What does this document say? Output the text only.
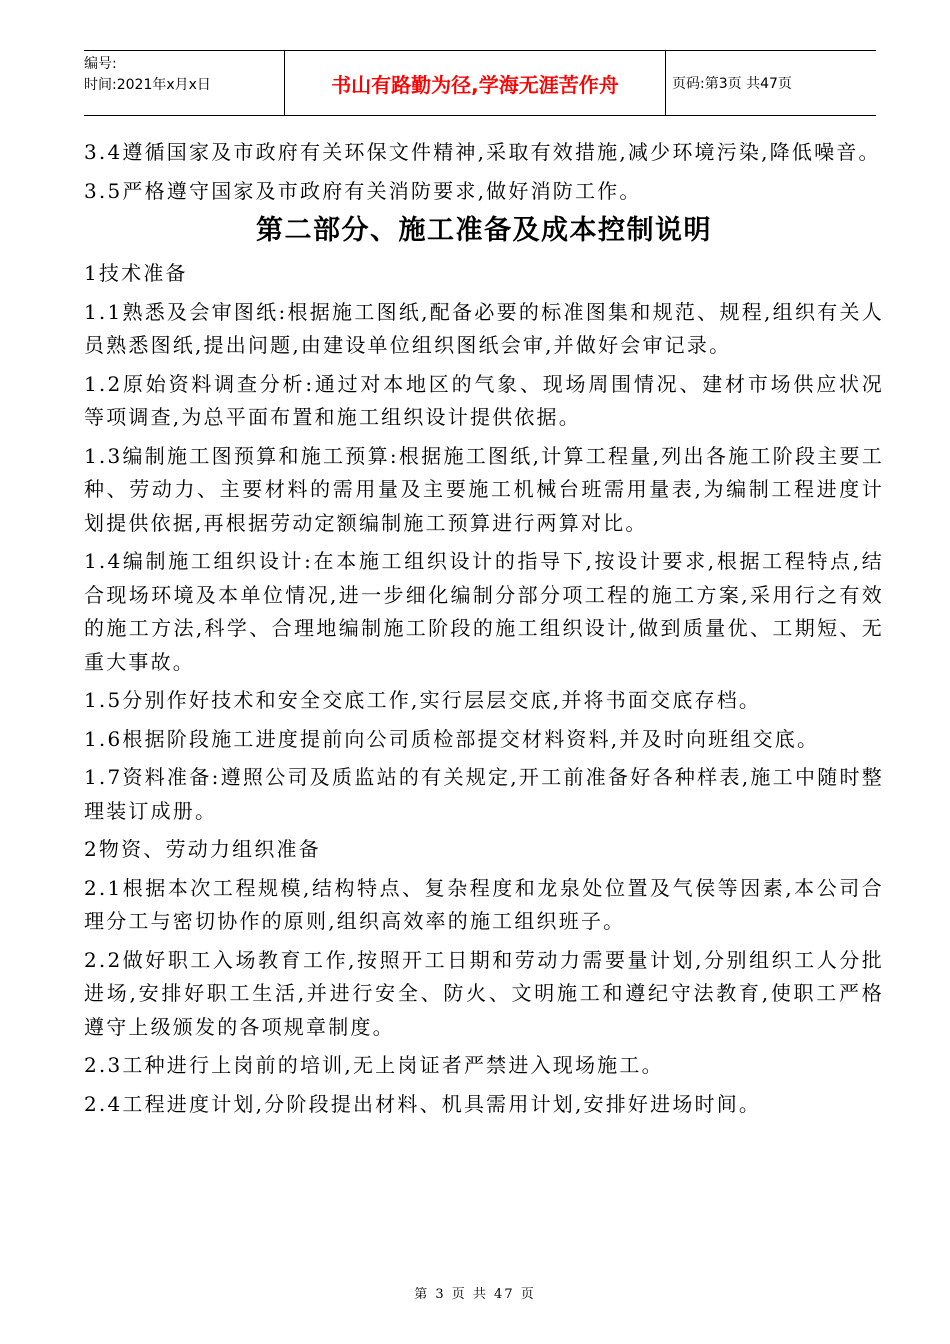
编号:
时间:2021年x月x日	书山有路勤为径,学海无涯苦作舟	页码:第3页 共47页

3.4遵循国家及市政府有关环保文件精神,采取有效措施,减少环境污染,降低噪音。

3.5严格遵守国家及市政府有关消防要求,做好消防工作。

第二部分、施工准备及成本控制说明

1技术准备

1.1熟悉及会审图纸:根据施工图纸,配备必要的标准图集和规范、规程,组织有关人员熟悉图纸,提出问题,由建设单位组织图纸会审,并做好会审记录。

1.2原始资料调查分析:通过对本地区的气象、现场周围情况、建材市场供应状况等项调查,为总平面布置和施工组织设计提供依据。

1.3编制施工图预算和施工预算:根据施工图纸,计算工程量,列出各施工阶段主要工种、劳动力、主要材料的需用量及主要施工机械台班需用量表,为编制工程进度计划提供依据,再根据劳动定额编制施工预算进行两算对比。

1.4编制施工组织设计:在本施工组织设计的指导下,按设计要求,根据工程特点,结合现场环境及本单位情况,进一步细化编制分部分项工程的施工方案,采用行之有效的施工方法,科学、合理地编制施工阶段的施工组织设计,做到质量优、工期短、无重大事故。

1.5分别作好技术和安全交底工作,实行层层交底,并将书面交底存档。

1.6根据阶段施工进度提前向公司质检部提交材料资料,并及时向班组交底。

1.7资料准备:遵照公司及质监站的有关规定,开工前准备好各种样表,施工中随时整理装订成册。

2物资、劳动力组织准备

2.1根据本次工程规模,结构特点、复杂程度和龙泉处位置及气侯等因素,本公司合理分工与密切协作的原则,组织高效率的施工组织班子。

2.2做好职工入场教育工作,按照开工日期和劳动力需要量计划,分别组织工人分批进场,安排好职工生活,并进行安全、防火、文明施工和遵纪守法教育,使职工严格遵守上级颁发的各项规章制度。

2.3工种进行上岗前的培训,无上岗证者严禁进入现场施工。

2.4工程进度计划,分阶段提出材料、机具需用计划,安排好进场时间。

第 3 页 共 47 页
